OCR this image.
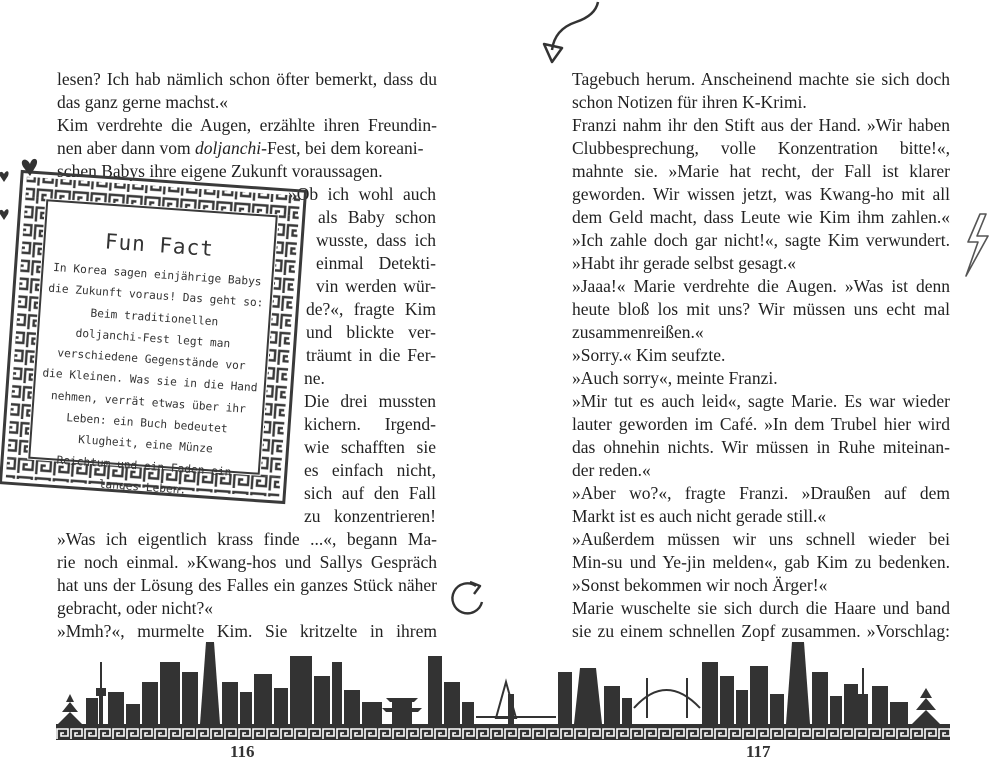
lesen? Ich hab nämlich schon öfter bemerkt, dass du
das ganz gerne machst.«
Kim verdrehte die Augen, erzählte ihren Freundin-
nen aber dann vom doljanchi-Fest, bei dem koreani-
schen Babys ihre eigene Zukunft voraussagen.
»Ob ich wohl auch
als Baby schon
wusste, dass ich
einmal Detekti-
vin werden wür-
de?«, fragte Kim
und blickte ver-
träumt in die Fer-
ne.
Die drei mussten
kichern. Irgend-
wie schafften sie
es einfach nicht,
sich auf den Fall
zu konzentrieren!
»Was ich eigentlich krass finde ...«, begann Ma-
rie noch einmal. »Kwang-hos und Sallys Gespräch
hat uns der Lösung des Falles ein ganzes Stück näher
gebracht, oder nicht?«
»Mmh?«, murmelte Kim. Sie kritzelte in ihrem
Fun Fact
In Korea sagen einjährige Babys
die Zukunft voraus! Das geht so:
Beim traditionellen
doljanchi-Fest legt man
verschiedene Gegenstände vor
die Kleinen. Was sie in die Hand
nehmen, verrät etwas über ihr
Leben: ein Buch bedeutet
Klugheit, eine Münze
Reichtum und ein Faden ein
langes Leben.
Tagebuch herum. Anscheinend machte sie sich doch
schon Notizen für ihren K-Krimi.
Franzi nahm ihr den Stift aus der Hand. »Wir haben
Clubbesprechung, volle Konzentration bitte!«,
mahnte sie. »Marie hat recht, der Fall ist klarer
geworden. Wir wissen jetzt, was Kwang-ho mit all
dem Geld macht, dass Leute wie Kim ihm zahlen.«
»Ich zahle doch gar nicht!«, sagte Kim verwundert.
»Habt ihr gerade selbst gesagt.«
»Jaaa!« Marie verdrehte die Augen. »Was ist denn
heute bloß los mit uns? Wir müssen uns echt mal
zusammenreißen.«
»Sorry.« Kim seufzte.
»Auch sorry«, meinte Franzi.
»Mir tut es auch leid«, sagte Marie. Es war wieder
lauter geworden im Café. »In dem Trubel hier wird
das ohnehin nichts. Wir müssen in Ruhe miteinan-
der reden.«
»Aber wo?«, fragte Franzi. »Draußen auf dem
Markt ist es auch nicht gerade still.«
»Außerdem müssen wir uns schnell wieder bei
Min-su und Ye-jin melden«, gab Kim zu bedenken.
»Sonst bekommen wir noch Ärger!«
Marie wuschelte sie sich durch die Haare und band
sie zu einem schnellen Zopf zusammen. »Vorschlag:
116	117
